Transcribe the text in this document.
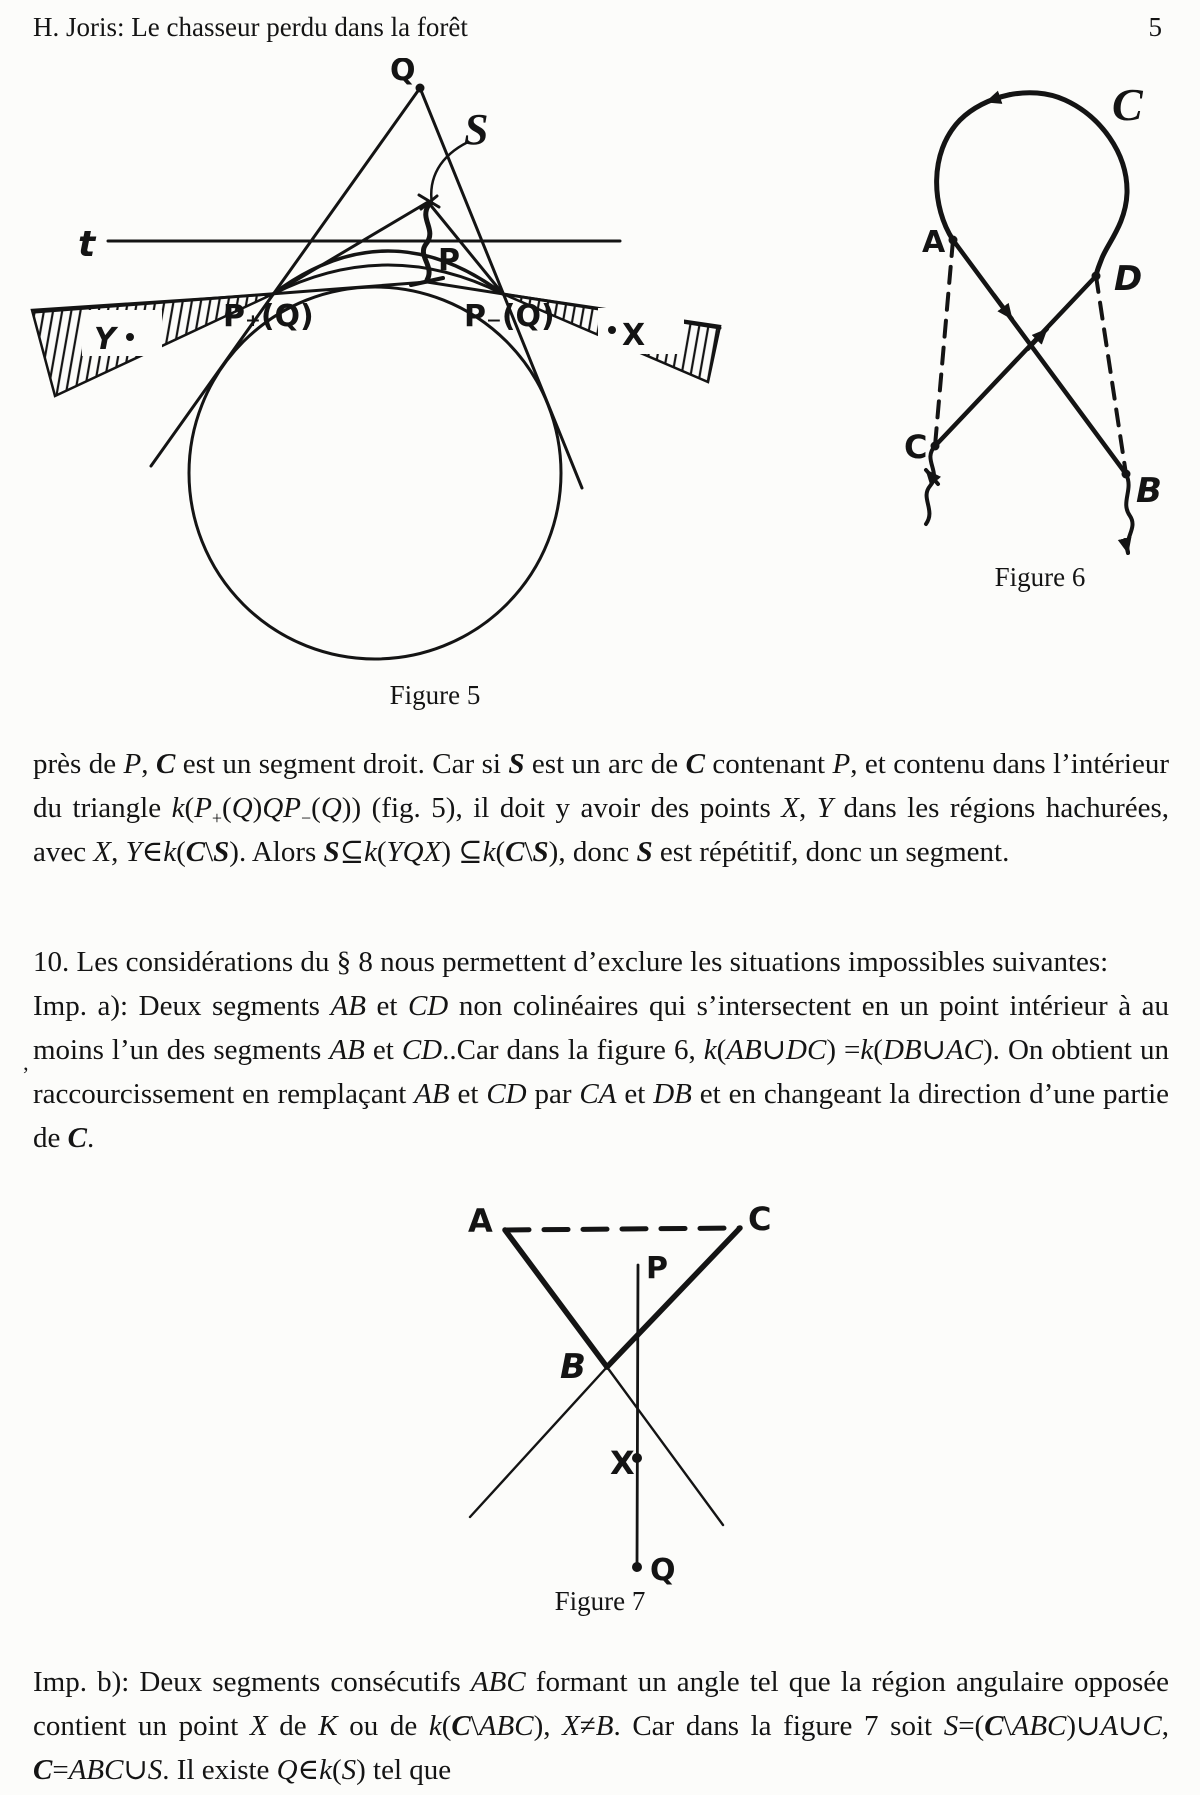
H. Joris: Le chasseur perdu dans la forêt	5
Q
S
t	P
P₊(Q)	P₋(Q)
Y	X
Figure 5
C
A
D
C
B
Figure 6

près de P, C est un segment droit. Car si S est un arc de C contenant P, et contenu dans l’intérieur du triangle $k(P_+(Q)QP_-(Q))$ (fig. 5), il doit y avoir des points X, Y dans les régions hachurées, avec X, Y∈k(C\S). Alors S⊆k(YQX) ⊆k(C\S), donc S est répétitif, donc un segment.

10. Les considérations du § 8 nous permettent d’exclure les situations impossibles suivantes:

Imp. a): Deux segments AB et CD non colinéaires qui s’intersectent en un point intérieur à au moins l’un des segments AB et CD..Car dans la figure 6, k(AB∪DC) =k(DB∪AC). On obtient un raccourcissement en remplaçant AB et CD par CA et DB et en changeant la direction d’une partie de C.

’
A	C
B
P
X
Q
Figure 7

Imp. b): Deux segments consécutifs ABC formant un angle tel que la région angulaire opposée contient un point X de K ou de k(C\ABC), X≠B. Car dans la figure 7 soit S=(C\ABC)∪A∪C, C=ABC∪S. Il existe Q∈k(S) tel que
